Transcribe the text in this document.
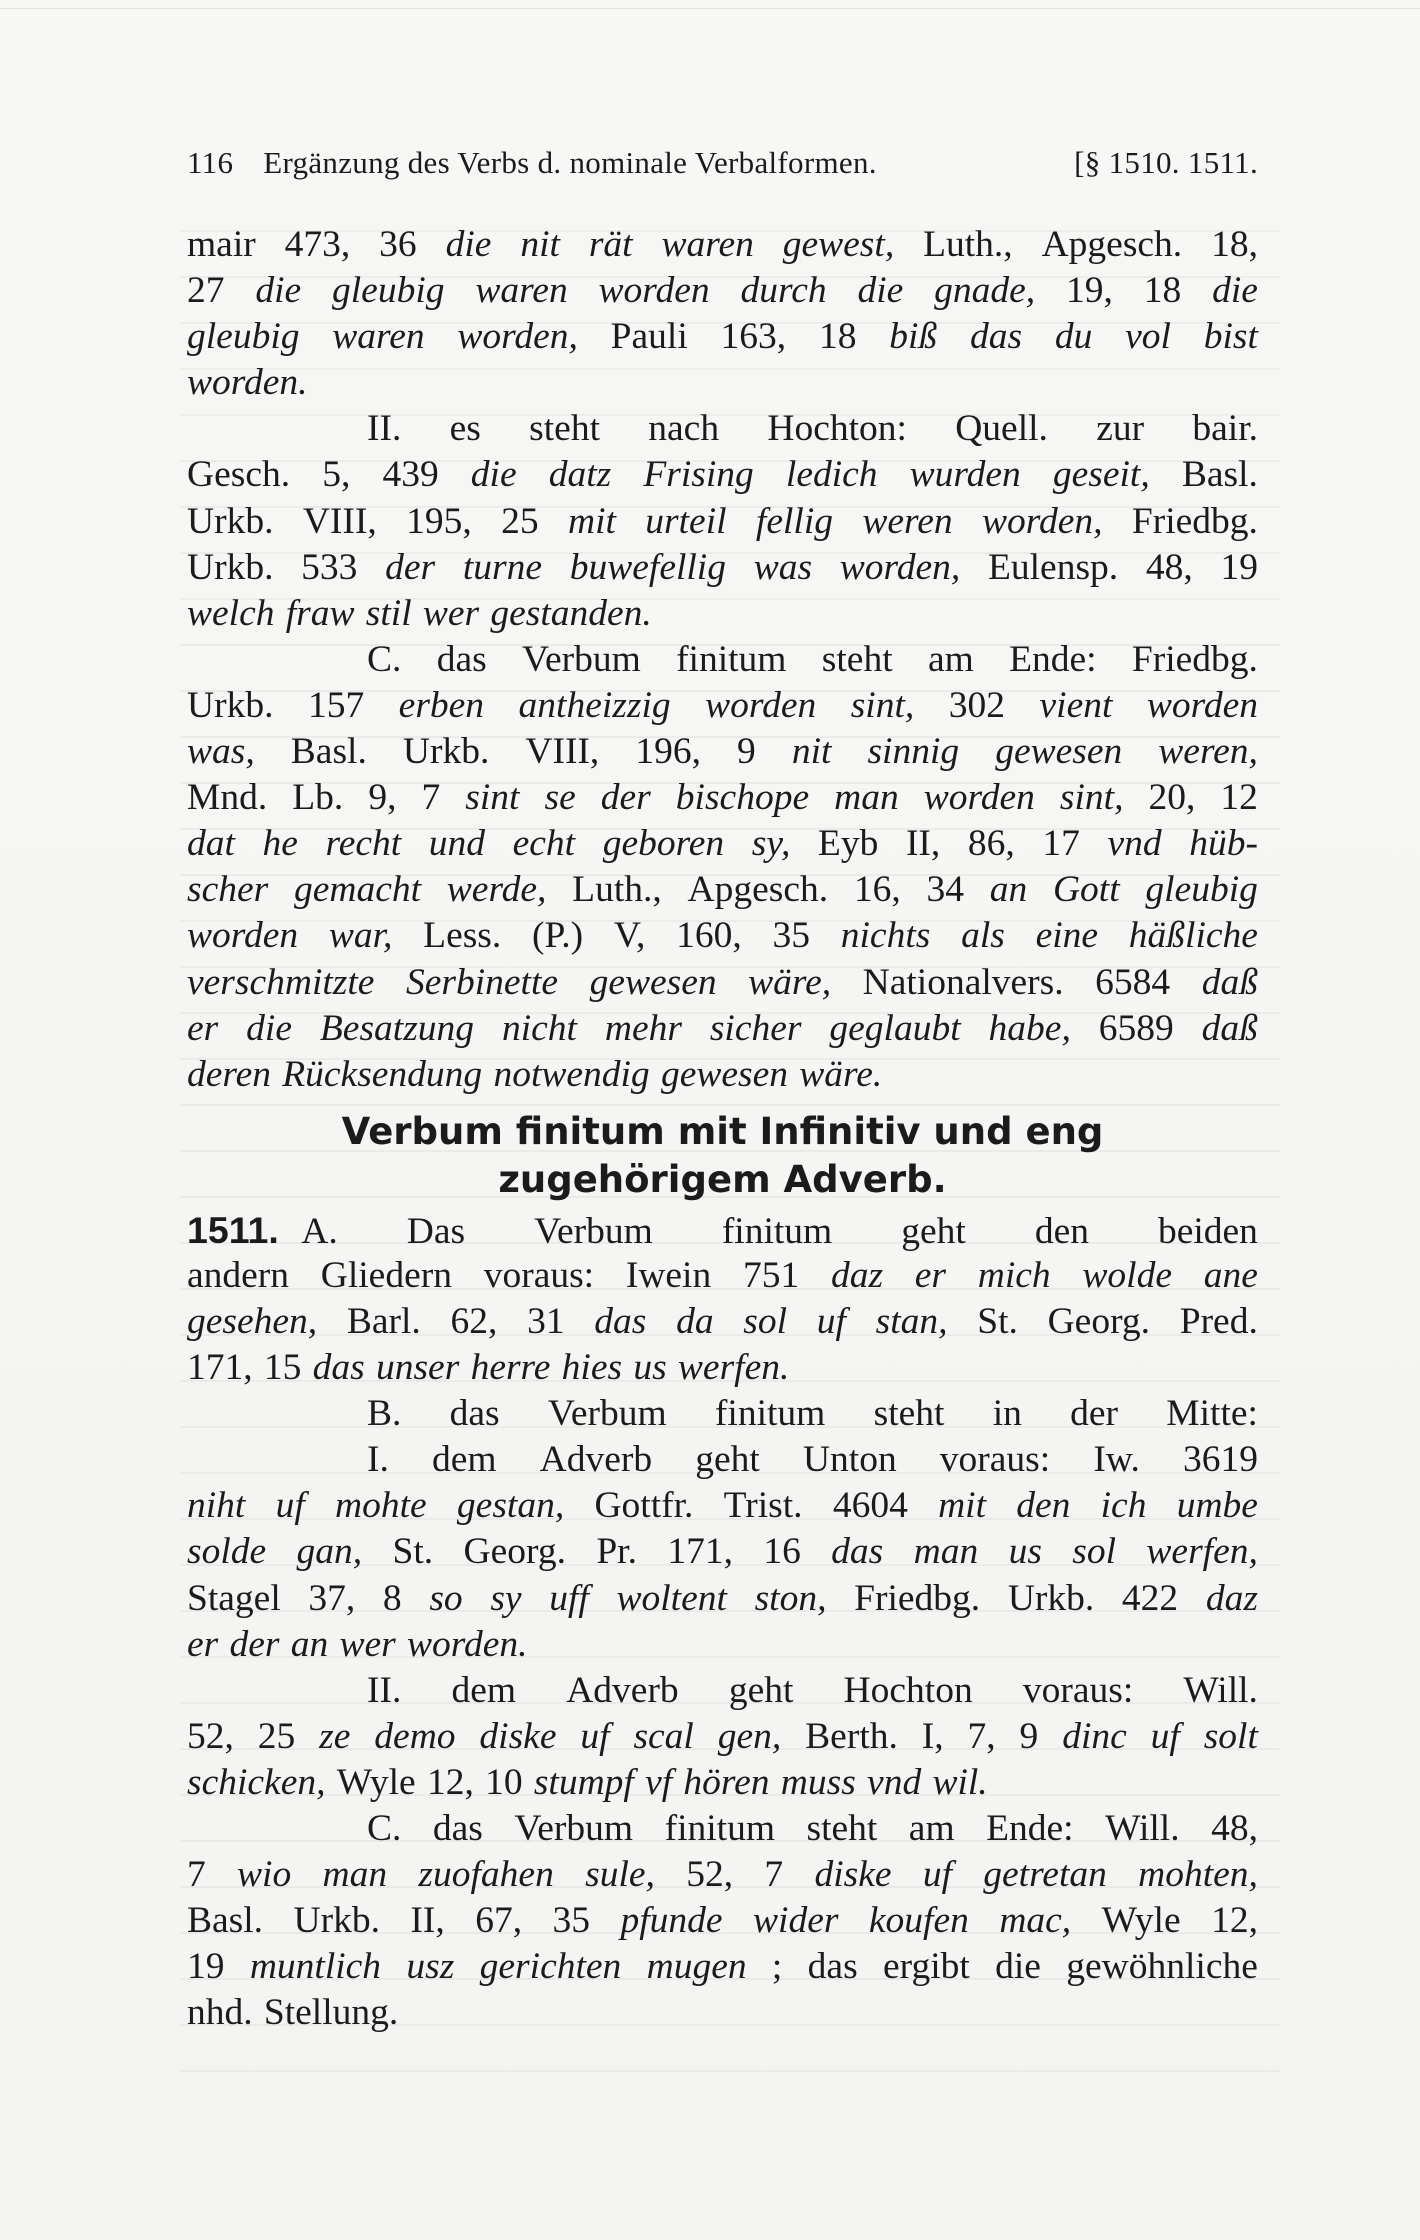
116 Ergänzung des Verbs d. nominale Verbalformen.	[§ 1510. 1511.
mair 473, 36 die nit rät waren gewest, Luth., Apgesch. 18,
27 die gleubig waren worden durch die gnade, 19, 18 die
gleubig waren worden, Pauli 163, 18 biß das du vol bist
worden.
II. es steht nach Hochton: Quell. zur bair.
Gesch. 5, 439 die datz Frising ledich wurden geseit, Basl.
Urkb. VIII, 195, 25 mit urteil fellig weren worden, Friedbg.
Urkb. 533 der turne buwefellig was worden, Eulensp. 48, 19
welch fraw stil wer gestanden.
C. das Verbum finitum steht am Ende: Friedbg.
Urkb. 157 erben antheizzig worden sint, 302 vient worden
was, Basl. Urkb. VIII, 196, 9 nit sinnig gewesen weren,
Mnd. Lb. 9, 7 sint se der bischope man worden sint, 20, 12
dat he recht und echt geboren sy, Eyb II, 86, 17 vnd hüb-
scher gemacht werde, Luth., Apgesch. 16, 34 an Gott gleubig
worden war, Less. (P.) V, 160, 35 nichts als eine häßliche
verschmitzte Serbinette gewesen wäre, Nationalvers. 6584 daß
er die Besatzung nicht mehr sicher geglaubt habe, 6589 daß
deren Rücksendung notwendig gewesen wäre.
Verbum finitum mit Infinitiv und eng
zugehörigem Adverb.
1511. A. Das Verbum finitum geht den beiden
andern Gliedern voraus: Iwein 751 daz er mich wolde ane
gesehen, Barl. 62, 31 das da sol uf stan, St. Georg. Pred.
171, 15 das unser herre hies us werfen.
B. das Verbum finitum steht in der Mitte:
I. dem Adverb geht Unton voraus: Iw. 3619
niht uf mohte gestan, Gottfr. Trist. 4604 mit den ich umbe
solde gan, St. Georg. Pr. 171, 16 das man us sol werfen,
Stagel 37, 8 so sy uff woltent ston, Friedbg. Urkb. 422 daz
er der an wer worden.
II. dem Adverb geht Hochton voraus: Will.
52, 25 ze demo diske uf scal gen, Berth. I, 7, 9 dinc uf solt
schicken, Wyle 12, 10 stumpf vf hören muss vnd wil.
C. das Verbum finitum steht am Ende: Will. 48,
7 wio man zuofahen sule, 52, 7 diske uf getretan mohten,
Basl. Urkb. II, 67, 35 pfunde wider koufen mac, Wyle 12,
19 muntlich usz gerichten mugen ; das ergibt die gewöhnliche
nhd. Stellung.
